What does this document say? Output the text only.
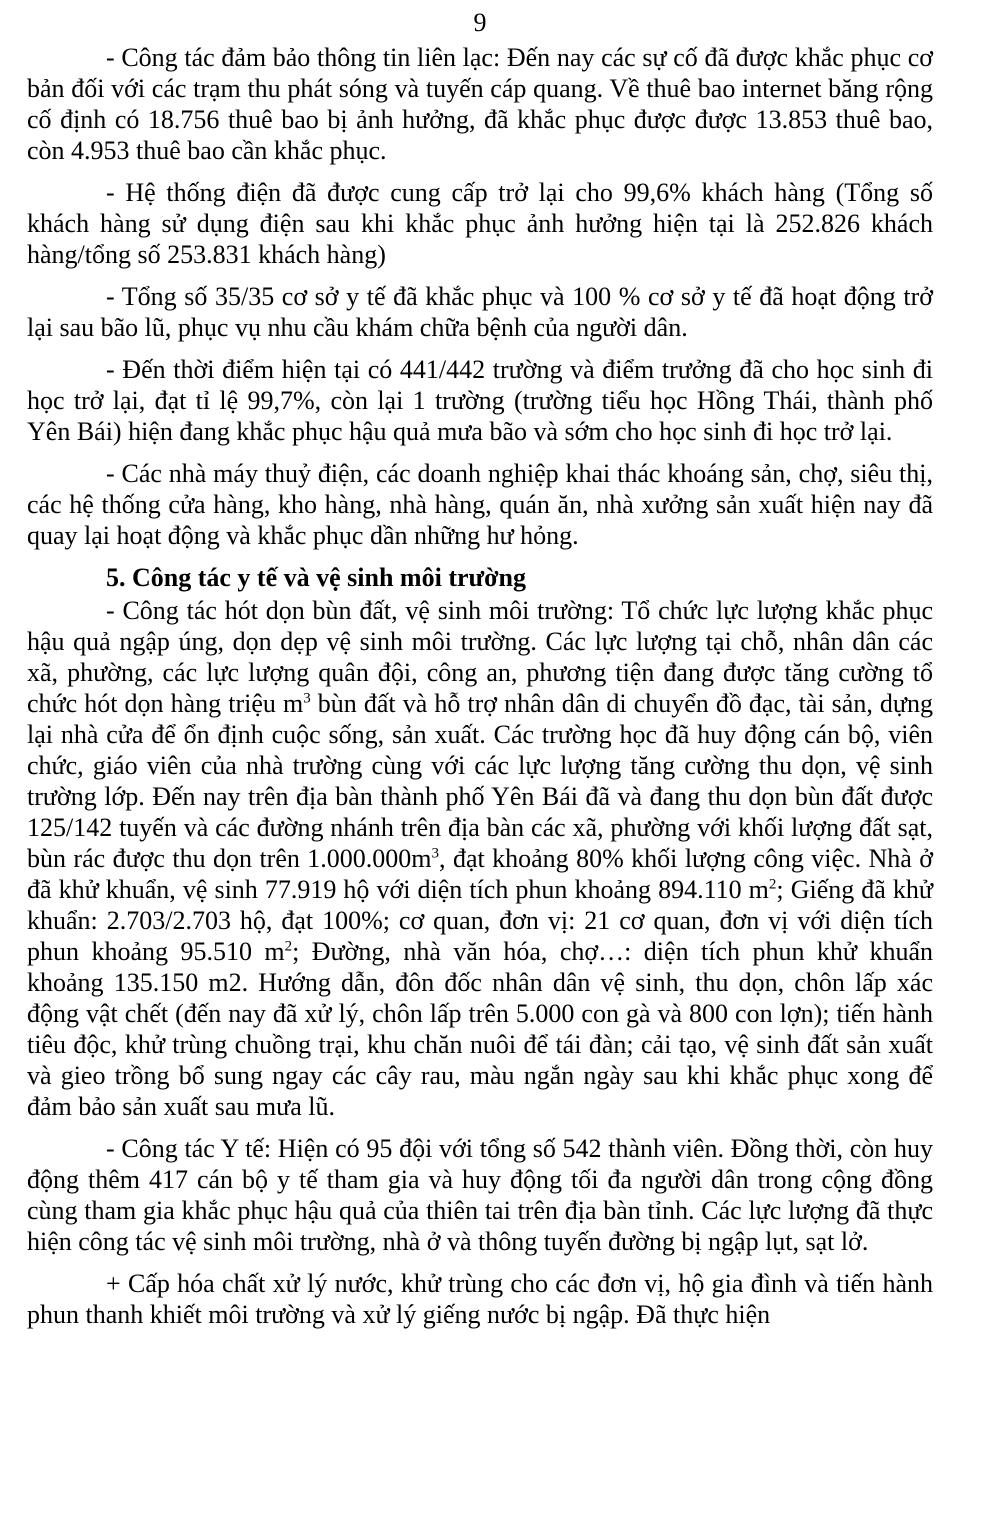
9

- Công tác đảm bảo thông tin liên lạc: Đến nay các sự cố đã được khắc phục cơ bản đối với các trạm thu phát sóng và tuyến cáp quang. Về thuê bao internet băng rộng cố định có 18.756 thuê bao bị ảnh hưởng, đã khắc phục được được 13.853 thuê bao, còn 4.953 thuê bao cần khắc phục.

- Hệ thống điện đã được cung cấp trở lại cho 99,6% khách hàng (Tổng số khách hàng sử dụng điện sau khi khắc phục ảnh hưởng hiện tại là 252.826 khách hàng/tổng số 253.831 khách hàng)

- Tổng số 35/35 cơ sở y tế đã khắc phục và 100 % cơ sở y tế đã hoạt động trở lại sau bão lũ, phục vụ nhu cầu khám chữa bệnh của người dân.

- Đến thời điểm hiện tại có 441/442 trường và điểm trưởng đã cho học sinh đi học trở lại, đạt tỉ lệ 99,7%, còn lại 1 trường (trường tiểu học Hồng Thái, thành phố Yên Bái) hiện đang khắc phục hậu quả mưa bão và sớm cho học sinh đi học trở lại.

- Các nhà máy thuỷ điện, các doanh nghiệp khai thác khoáng sản, chợ, siêu thị, các hệ thống cửa hàng, kho hàng, nhà hàng, quán ăn, nhà xưởng sản xuất hiện nay đã quay lại hoạt động và khắc phục dần những hư hỏng.

5. Công tác y tế và vệ sinh môi trường

- Công tác hót dọn bùn đất, vệ sinh môi trường: Tổ chức lực lượng khắc phục hậu quả ngập úng, dọn dẹp vệ sinh môi trường. Các lực lượng tại chỗ, nhân dân các xã, phường, các lực lượng quân đội, công an, phương tiện đang được tăng cường tổ chức hót dọn hàng triệu $m^3$ bùn đất và hỗ trợ nhân dân di chuyển đồ đạc, tài sản, dựng lại nhà cửa để ổn định cuộc sống, sản xuất. Các trường học đã huy động cán bộ, viên chức, giáo viên của nhà trường cùng với các lực lượng tăng cường thu dọn, vệ sinh trường lớp. Đến nay trên địa bàn thành phố Yên Bái đã và đang thu dọn bùn đất được 125/142 tuyến và các đường nhánh trên địa bàn các xã, phường với khối lượng đất sạt, bùn rác được thu dọn trên $1.000.000m^3$, đạt khoảng 80% khối lượng công việc. Nhà ở đã khử khuẩn, vệ sinh 77.919 hộ với diện tích phun khoảng 894.110 $m^2$; Giếng đã khử khuẩn: 2.703/2.703 hộ, đạt 100%; cơ quan, đơn vị: 21 cơ quan, đơn vị với diện tích phun khoảng 95.510 $m^2$; Đường, nhà văn hóa, chợ…: diện tích phun khử khuẩn khoảng 135.150 m2. Hướng dẫn, đôn đốc nhân dân vệ sinh, thu dọn, chôn lấp xác động vật chết (đến nay đã xử lý, chôn lấp trên 5.000 con gà và 800 con lợn); tiến hành tiêu độc, khử trùng chuồng trại, khu chăn nuôi để tái đàn; cải tạo, vệ sinh đất sản xuất và gieo trồng bổ sung ngay các cây rau, màu ngắn ngày sau khi khắc phục xong để đảm bảo sản xuất sau mưa lũ.

- Công tác Y tế: Hiện có 95 đội với tổng số 542 thành viên. Đồng thời, còn huy động thêm 417 cán bộ y tế tham gia và huy động tối đa người dân trong cộng đồng cùng tham gia khắc phục hậu quả của thiên tai trên địa bàn tỉnh. Các lực lượng đã thực hiện công tác vệ sinh môi trường, nhà ở và thông tuyến đường bị ngập lụt, sạt lở.

+ Cấp hóa chất xử lý nước, khử trùng cho các đơn vị, hộ gia đình và tiến hành phun thanh khiết môi trường và xử lý giếng nước bị ngập. Đã thực hiện
